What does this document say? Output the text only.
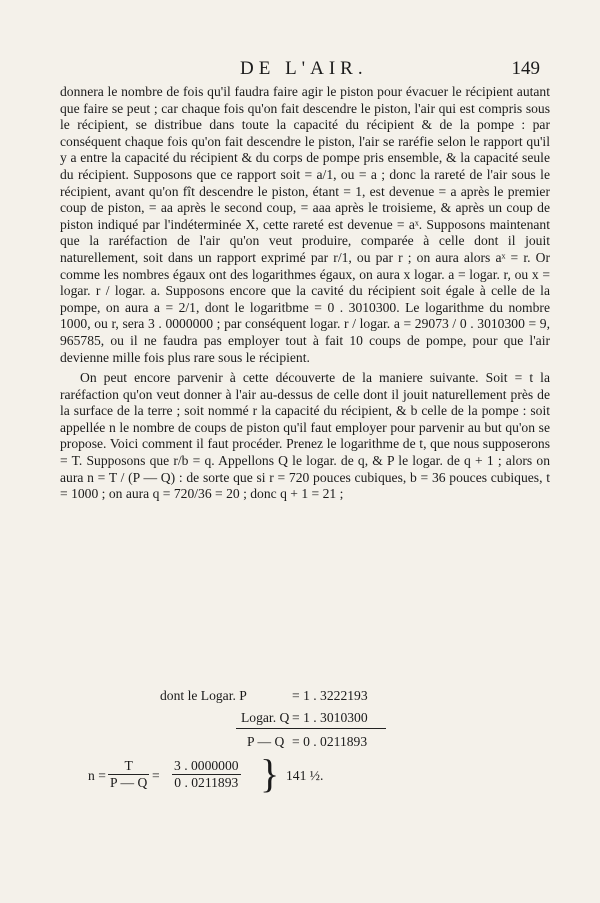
DE L'AIR.	149

donnera le nombre de fois qu'il faudra faire agir le piston pour évacuer le récipient autant que faire se peut ; car chaque fois qu'on fait descendre le piston, l'air qui est compris sous le récipient, se distribue dans toute la capacité du récipient & de la pompe : par conséquent chaque fois qu'on fait descendre le piston, l'air se raréfie selon le rapport qu'il y a entre la capacité du récipient & du corps de pompe pris ensemble, & la capacité seule du récipient. Supposons que ce rapport soit = a/1, ou = a ; donc la rareté de l'air sous le récipient, avant qu'on fît descendre le piston, étant = 1, est devenue = a après le premier coup de piston, = aa après le second coup, = aaa après le troisieme, & après un coup de piston indiqué par l'indéterminée X, cette rareté est devenue = aˣ. Supposons maintenant que la raréfaction de l'air qu'on veut produire, comparée à celle dont il jouit naturellement, soit dans un rapport exprimé par r/1, ou par r ; on aura alors aˣ = r. Or comme les nombres égaux ont des logarithmes égaux, on aura x logar. a = logar. r, ou x = logar. r / logar. a. Supposons encore que la cavité du récipient soit égale à celle de la pompe, on aura a = 2/1, dont le logaritbme = 0 . 3010300. Le logarithme du nombre 1000, ou r, sera 3 . 0000000 ; par conséquent logar. r / logar. a = 29073 / 0 . 3010300 = 9, 965785, ou il ne faudra pas employer tout à fait 10 coups de pompe, pour que l'air devienne mille fois plus rare sous le récipient.

On peut encore parvenir à cette découverte de la maniere suivante. Soit = t la raréfaction qu'on veut donner à l'air au-dessus de celle dont il jouit naturellement près de la surface de la terre ; soit nommé r la capacité du récipient, & b celle de la pompe : soit appellée n le nombre de coups de piston qu'il faut employer pour parvenir au but qu'on se propose. Voici comment il faut procéder. Prenez le logarithme de t, que nous supposerons = T. Supposons que r/b = q. Appellons Q le logar. de q, & P le logar. de q + 1 ; alors on aura n = T / (P — Q) : de sorte que si r = 720 pouces cubiques, b = 36 pouces cubiques, t = 1000 ; on aura q = 720/36 = 20 ; donc q + 1 = 21 ;

dont le Logar. P	= 1 . 3222193
Logar. Q = 1 . 3010300
P — Q = 0 . 0211893
$n = \frac{T}{P — Q} = \frac{3 . 0000000}{0 . 0211893}$ } 141 ½.
